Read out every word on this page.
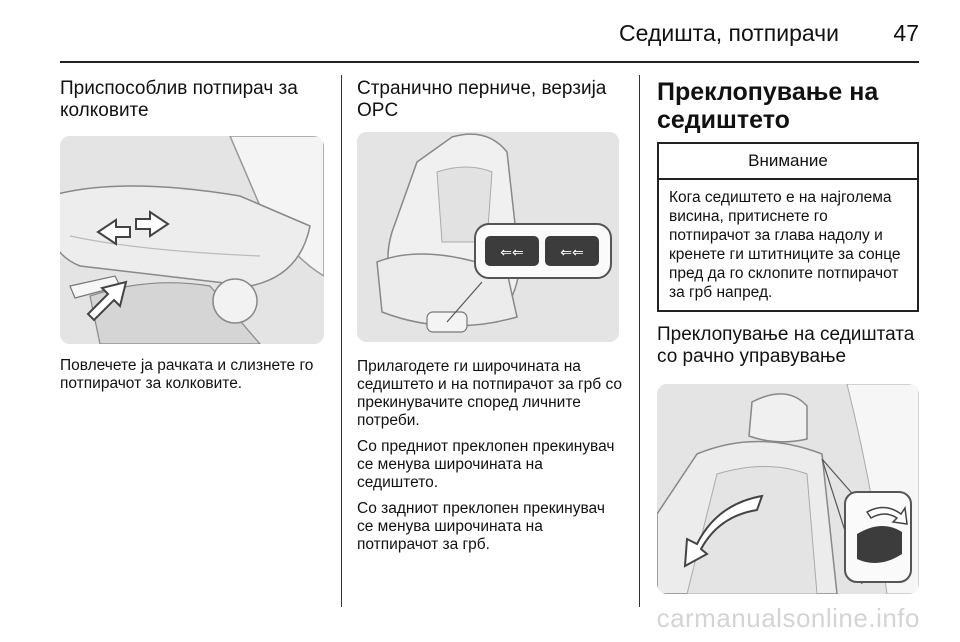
Седишта, потпирачи 47
Приспособлив потпирач за колковите

Повлечете ја рачката и слизнете го потпирачот за колковите.

Странично перниче, верзија OPC
⇐⇐	⇐⇐

Прилагодете ги широчината на седиштето и на потпирачот за грб со прекинувачите според личните потреби.

Со предниот преклопен прекинувач се менува широчината на седиштето.

Со задниот преклопен прекинувач се менува широчината на потпирачот за грб.

Преклопување на седиштето
Внимание
Кога седиштето е на најголема висина, притиснете го потпирачот за глава надолу и кренете ги штитниците за сонце пред да го склопите потпирачот за грб напред.
Преклопување на седиштата со рачно управување
carmanualsonline.info
